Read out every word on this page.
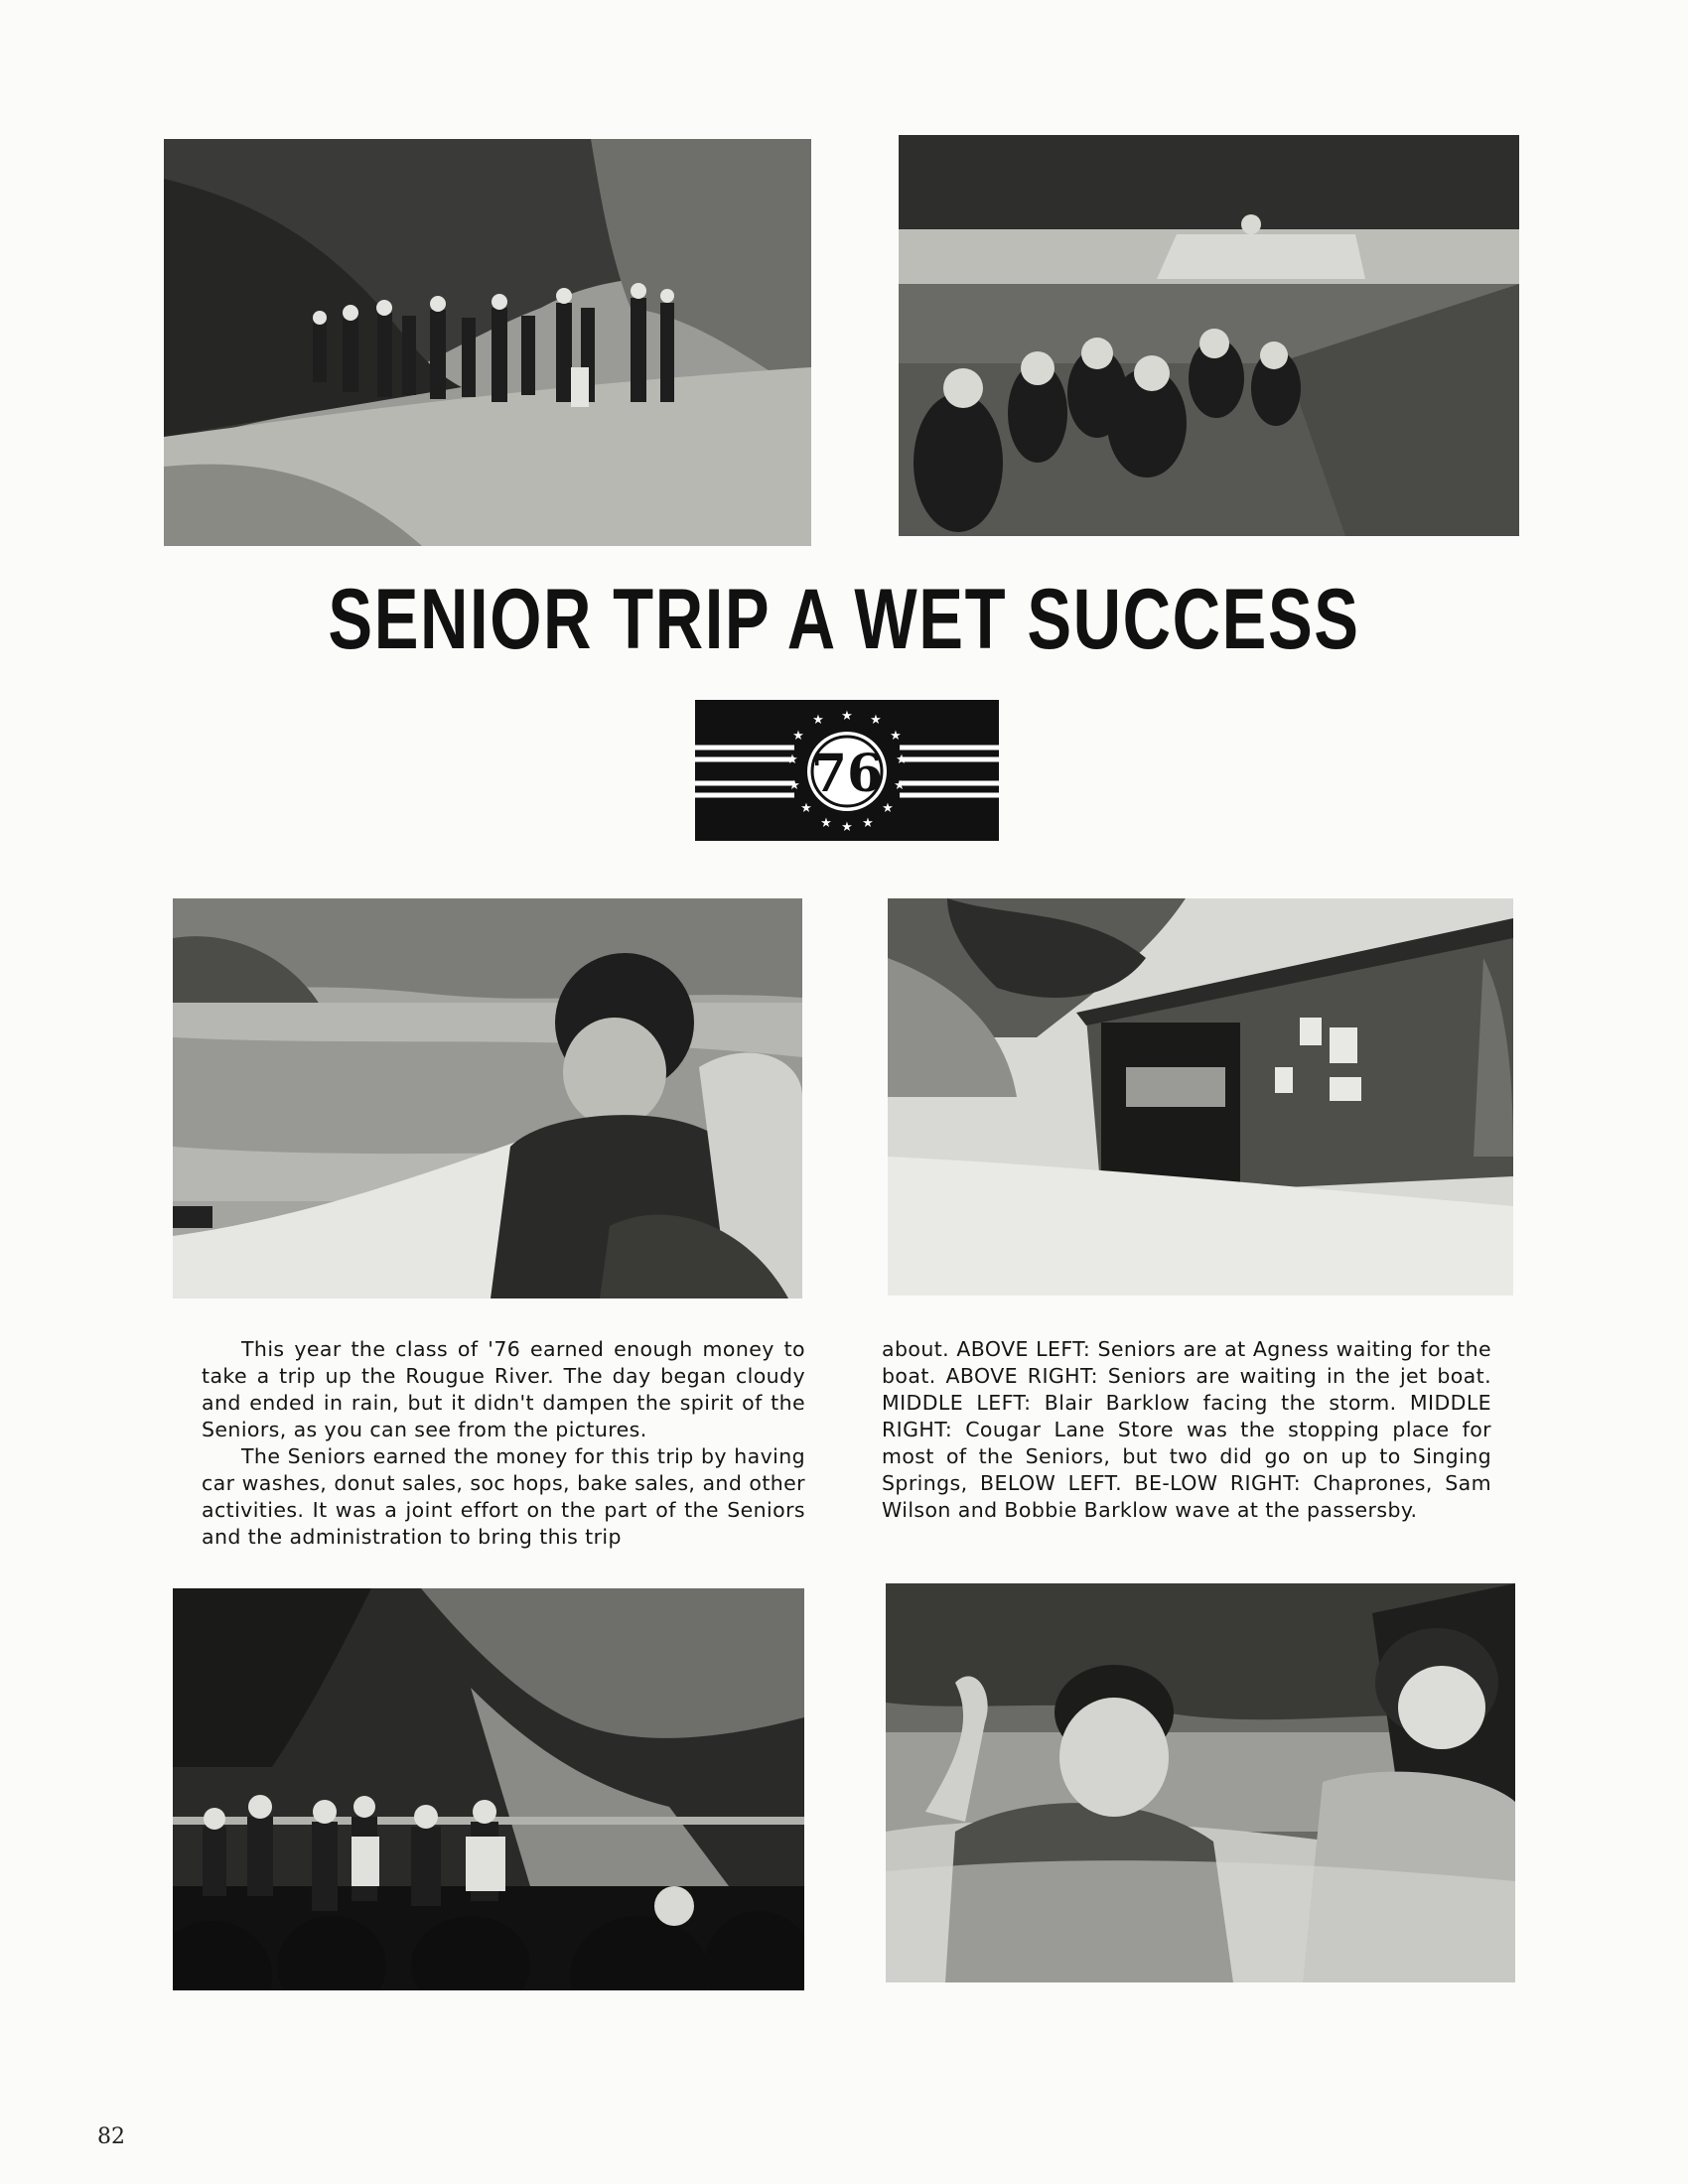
SENIOR TRIP A WET SUCCESS
★
★	★
★	★
★	★
★	★
★	★
★ ★
★
76

This year the class of '76 earned enough money to take a trip up the Rougue River. The day began cloudy and ended in rain, but it didn't dampen the spirit of the Seniors, as you can see from the pictures.

The Seniors earned the money for this trip by having car washes, donut sales, soc hops, bake sales, and other activities. It was a joint effort on the part of the Seniors and the administration to bring this trip

about. ABOVE LEFT: Seniors are at Agness waiting for the boat. ABOVE RIGHT: Seniors are waiting in the jet boat. MIDDLE LEFT: Blair Barklow facing the storm. MIDDLE RIGHT: Cougar Lane Store was the stopping place for most of the Seniors, but two did go on up to Singing Springs, BELOW LEFT. BE-LOW RIGHT: Chaprones, Sam Wilson and Bobbie Barklow wave at the passersby.

82
